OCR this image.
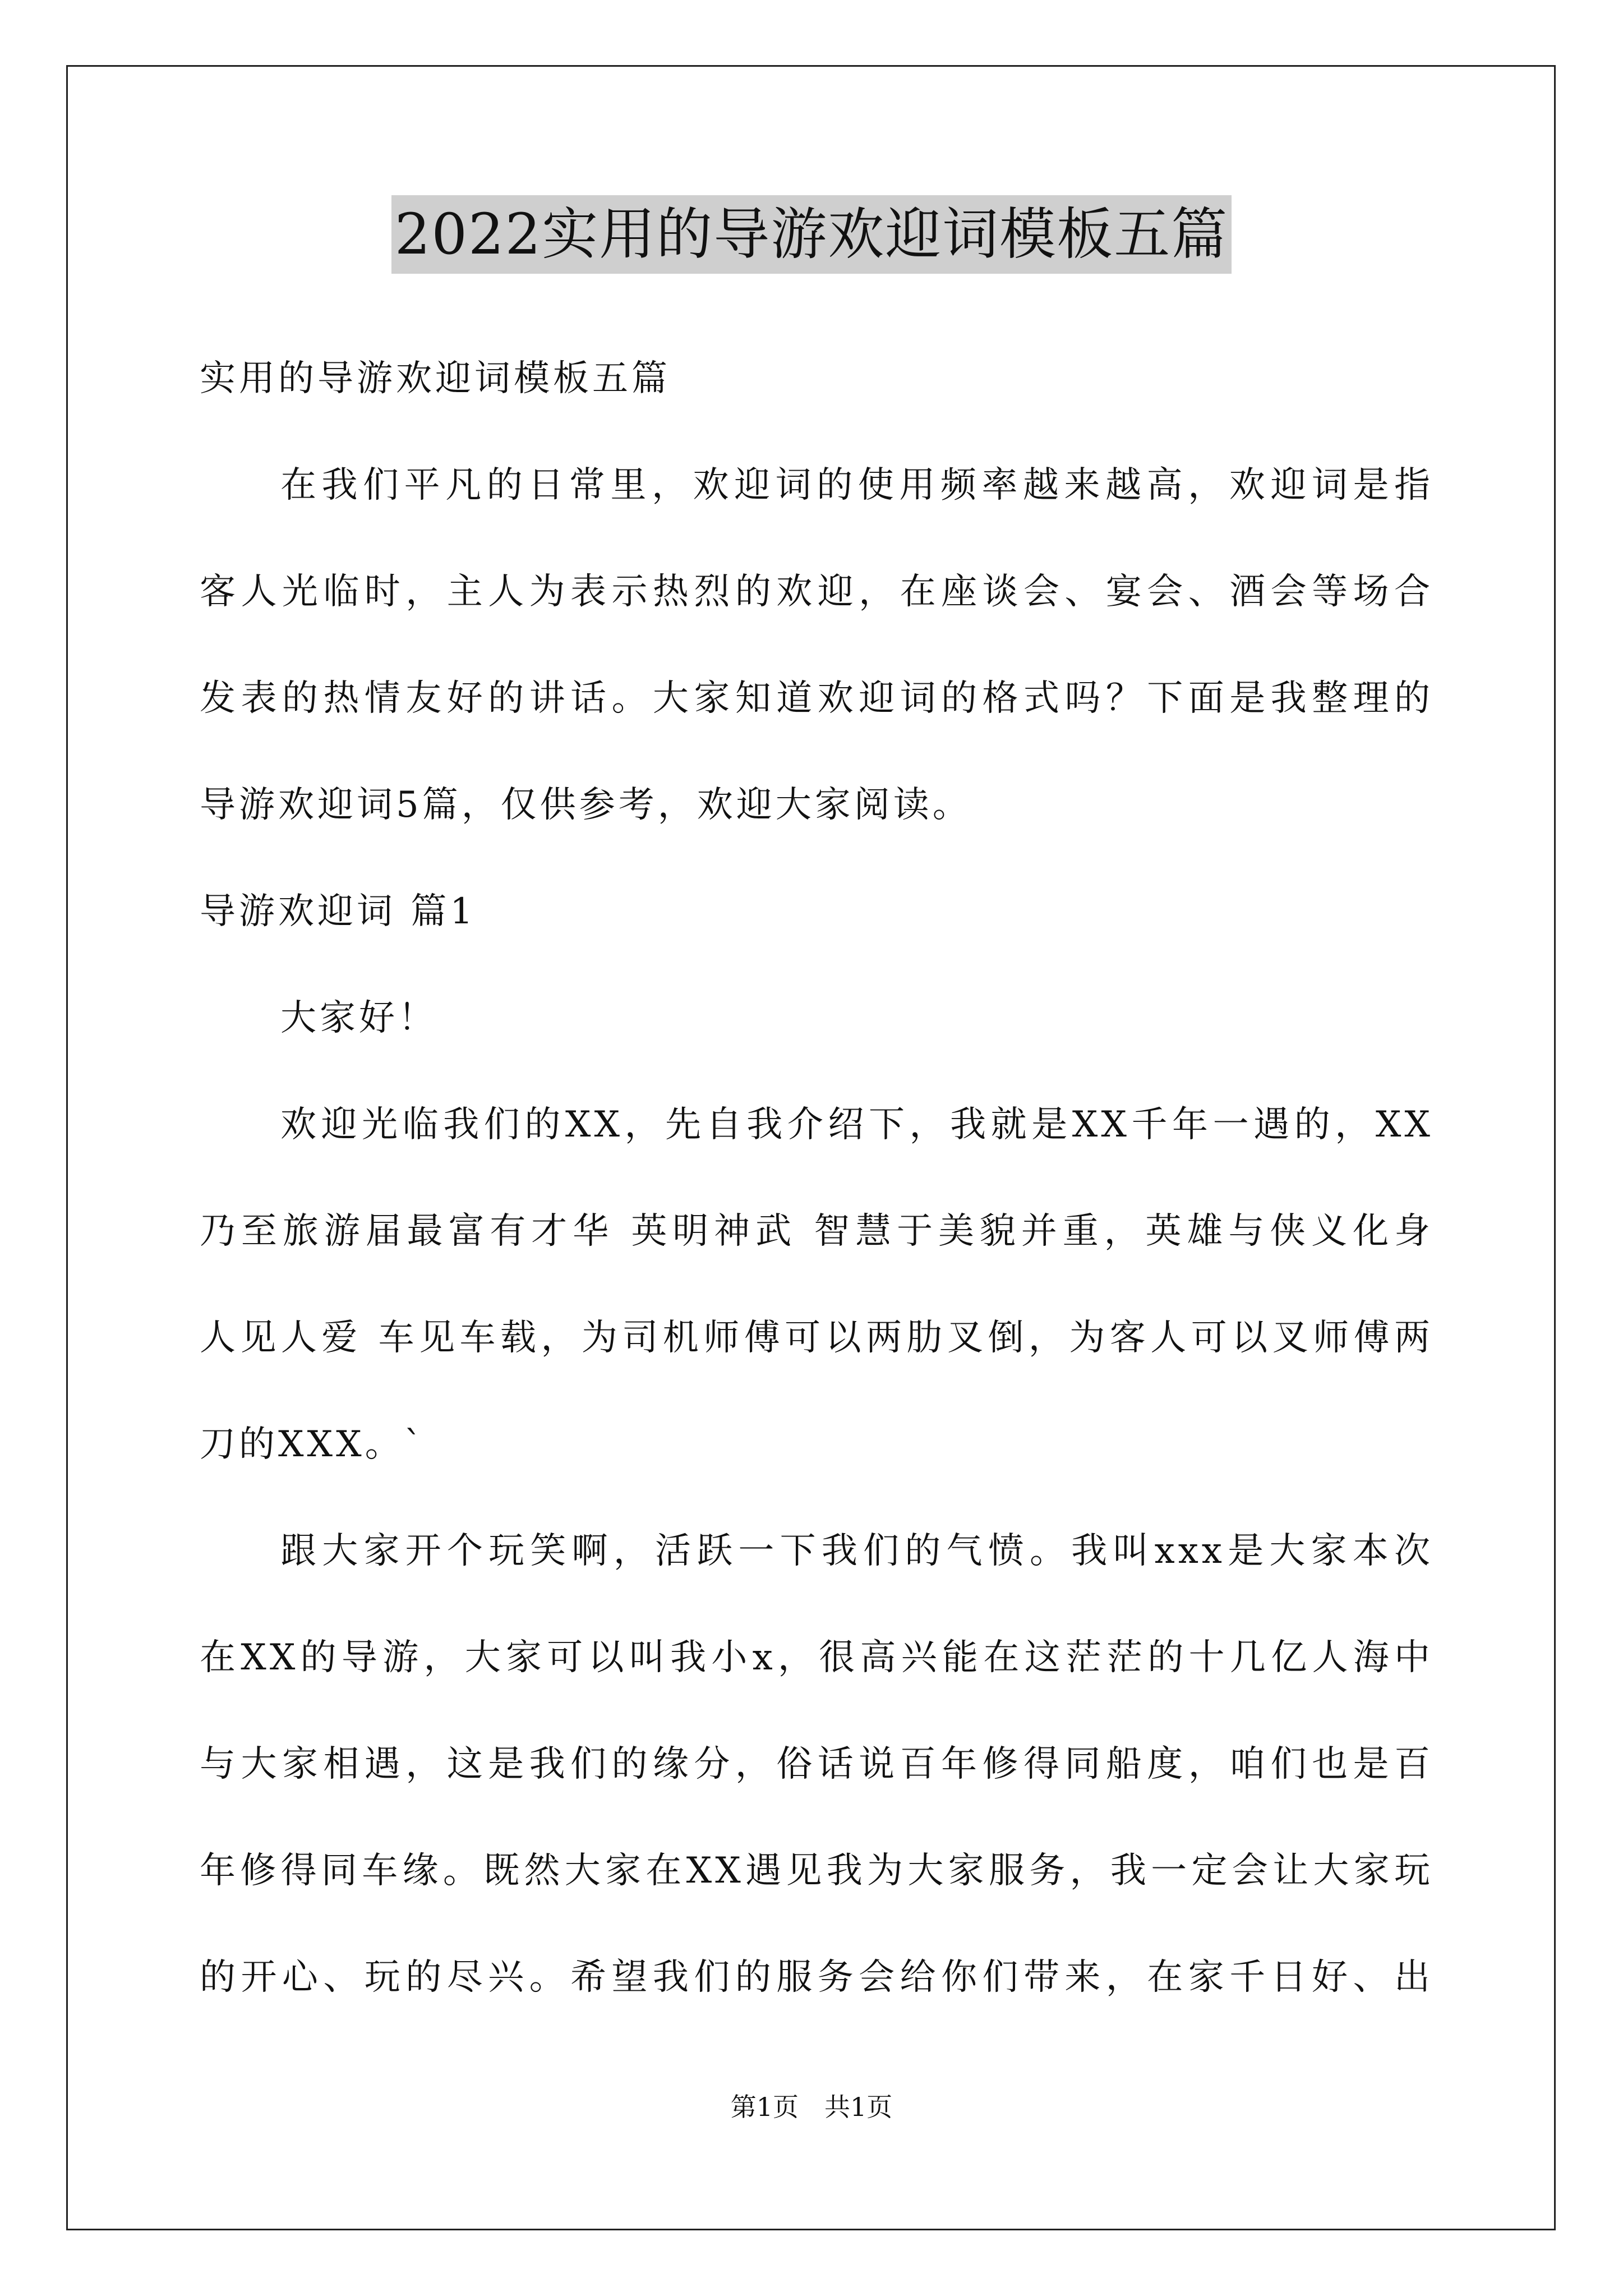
2022实用的导游欢迎词模板五篇
实用的导游欢迎词模板五篇
在我们平凡的日常里，欢迎词的使用频率越来越高，欢迎词是指
客人光临时，主人为表示热烈的欢迎，在座谈会、宴会、酒会等场合
发表的热情友好的讲话。大家知道欢迎词的格式吗？下面是我整理的
导游欢迎词5篇，仅供参考，欢迎大家阅读。
导游欢迎词 篇1
大家好！
欢迎光临我们的XX，先自我介绍下，我就是XX千年一遇的，XX
乃至旅游届最富有才华 英明神武 智慧于美貌并重，英雄与侠义化身
人见人爱 车见车载，为司机师傅可以两肋叉倒，为客人可以叉师傅两
刀的XXX。`
跟大家开个玩笑啊，活跃一下我们的气愤。我叫xxx是大家本次
在XX的导游，大家可以叫我小x，很高兴能在这茫茫的十几亿人海中
与大家相遇，这是我们的缘分，俗话说百年修得同船度，咱们也是百
年修得同车缘。既然大家在XX遇见我为大家服务，我一定会让大家玩
的开心、玩的尽兴。希望我们的服务会给你们带来，在家千日好、出
第1页　共1页
